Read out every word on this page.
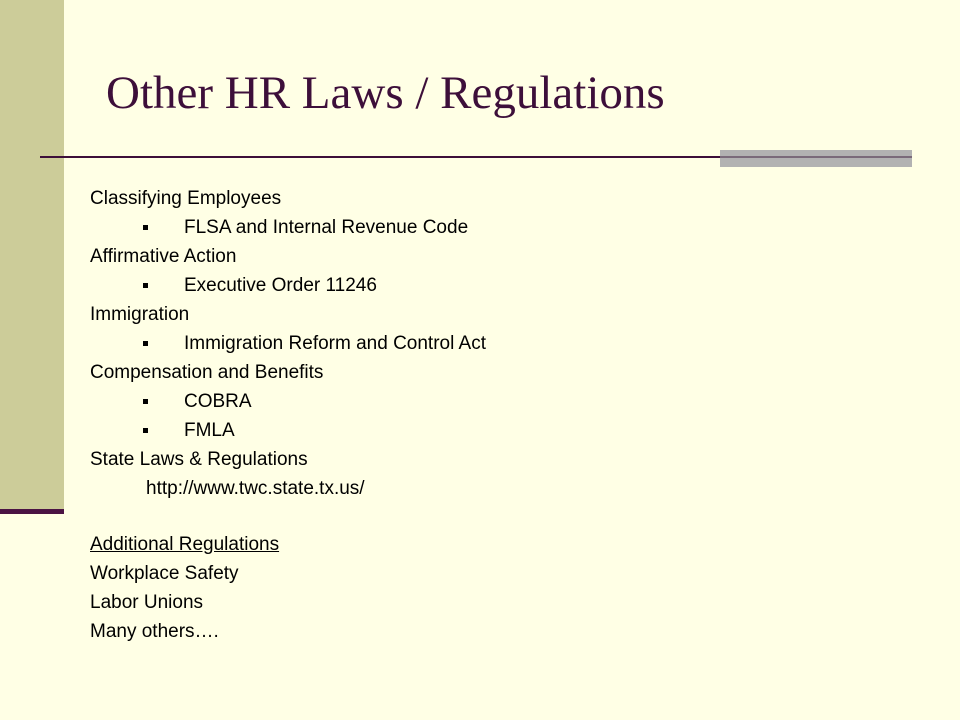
Other HR Laws / Regulations
Classifying Employees
FLSA and Internal Revenue Code
Affirmative Action
Executive Order 11246
Immigration
Immigration Reform and Control Act
Compensation and Benefits
COBRA
FMLA
State Laws & Regulations
http://www.twc.state.tx.us/
Additional Regulations
Workplace Safety
Labor Unions
Many others….
